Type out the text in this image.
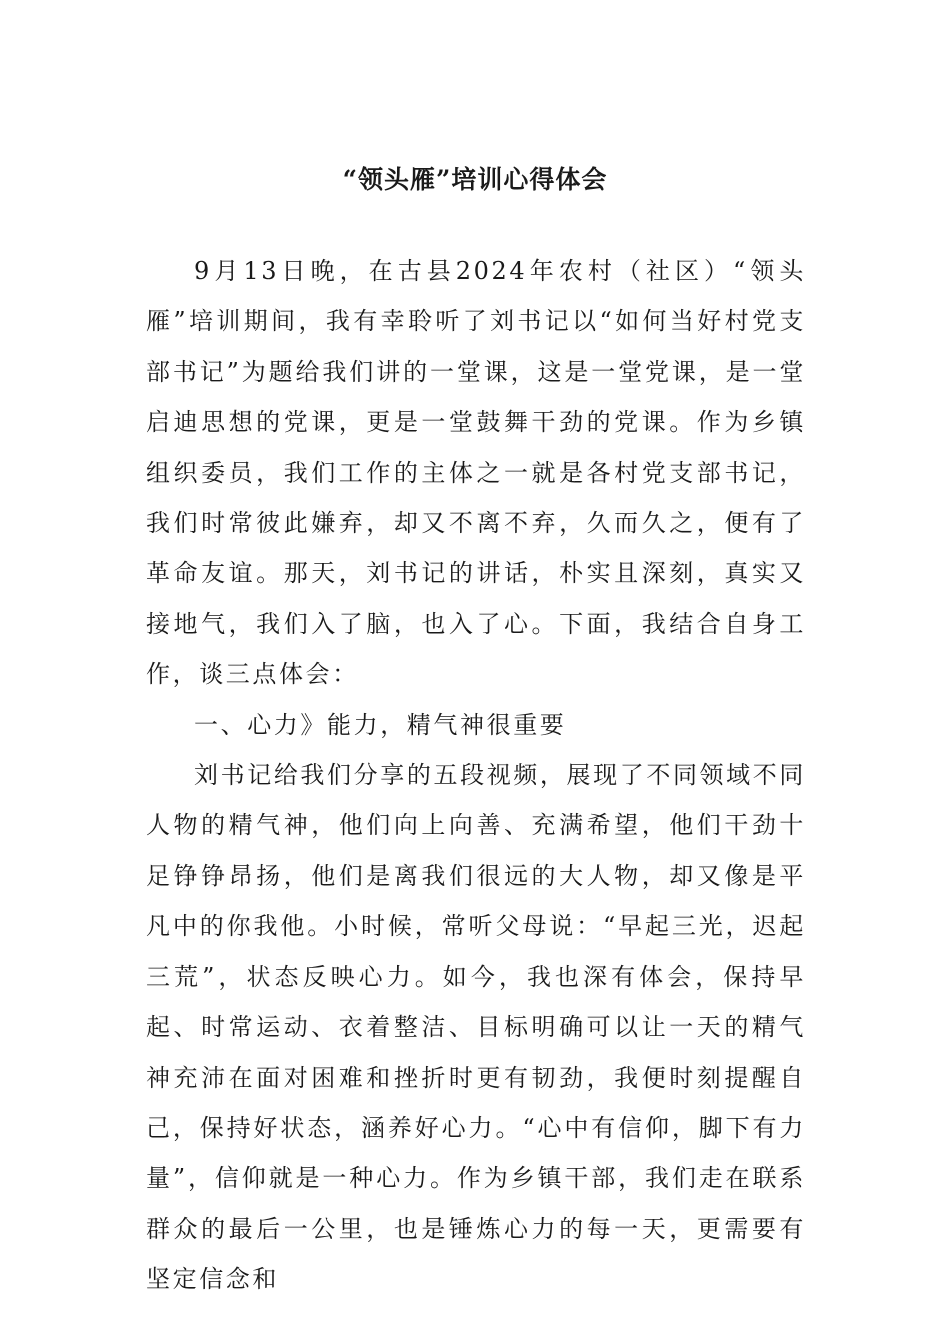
“领头雁”培训心得体会

9月13日晚，在古县2024年农村（社区）“领头雁”培训期间，我有幸聆听了刘书记以“如何当好村党支部书记”为题给我们讲的一堂课，这是一堂党课，是一堂启迪思想的党课，更是一堂鼓舞干劲的党课。作为乡镇组织委员，我们工作的主体之一就是各村党支部书记，我们时常彼此嫌弃，却又不离不弃，久而久之，便有了革命友谊。那天，刘书记的讲话，朴实且深刻，真实又接地气，我们入了脑，也入了心。下面，我结合自身工作，谈三点体会：

一、心力》能力，精气神很重要

刘书记给我们分享的五段视频，展现了不同领域不同人物的精气神，他们向上向善、充满希望，他们干劲十足铮铮昂扬，他们是离我们很远的大人物，却又像是平凡中的你我他。小时候，常听父母说：“早起三光，迟起三荒”，状态反映心力。如今，我也深有体会，保持早起、时常运动、衣着整洁、目标明确可以让一天的精气神充沛在面对困难和挫折时更有韧劲，我便时刻提醒自己，保持好状态，涵养好心力。“心中有信仰，脚下有力量”，信仰就是一种心力。作为乡镇干部，我们走在联系群众的最后一公里，也是锤炼心力的每一天，更需要有坚定信念和
